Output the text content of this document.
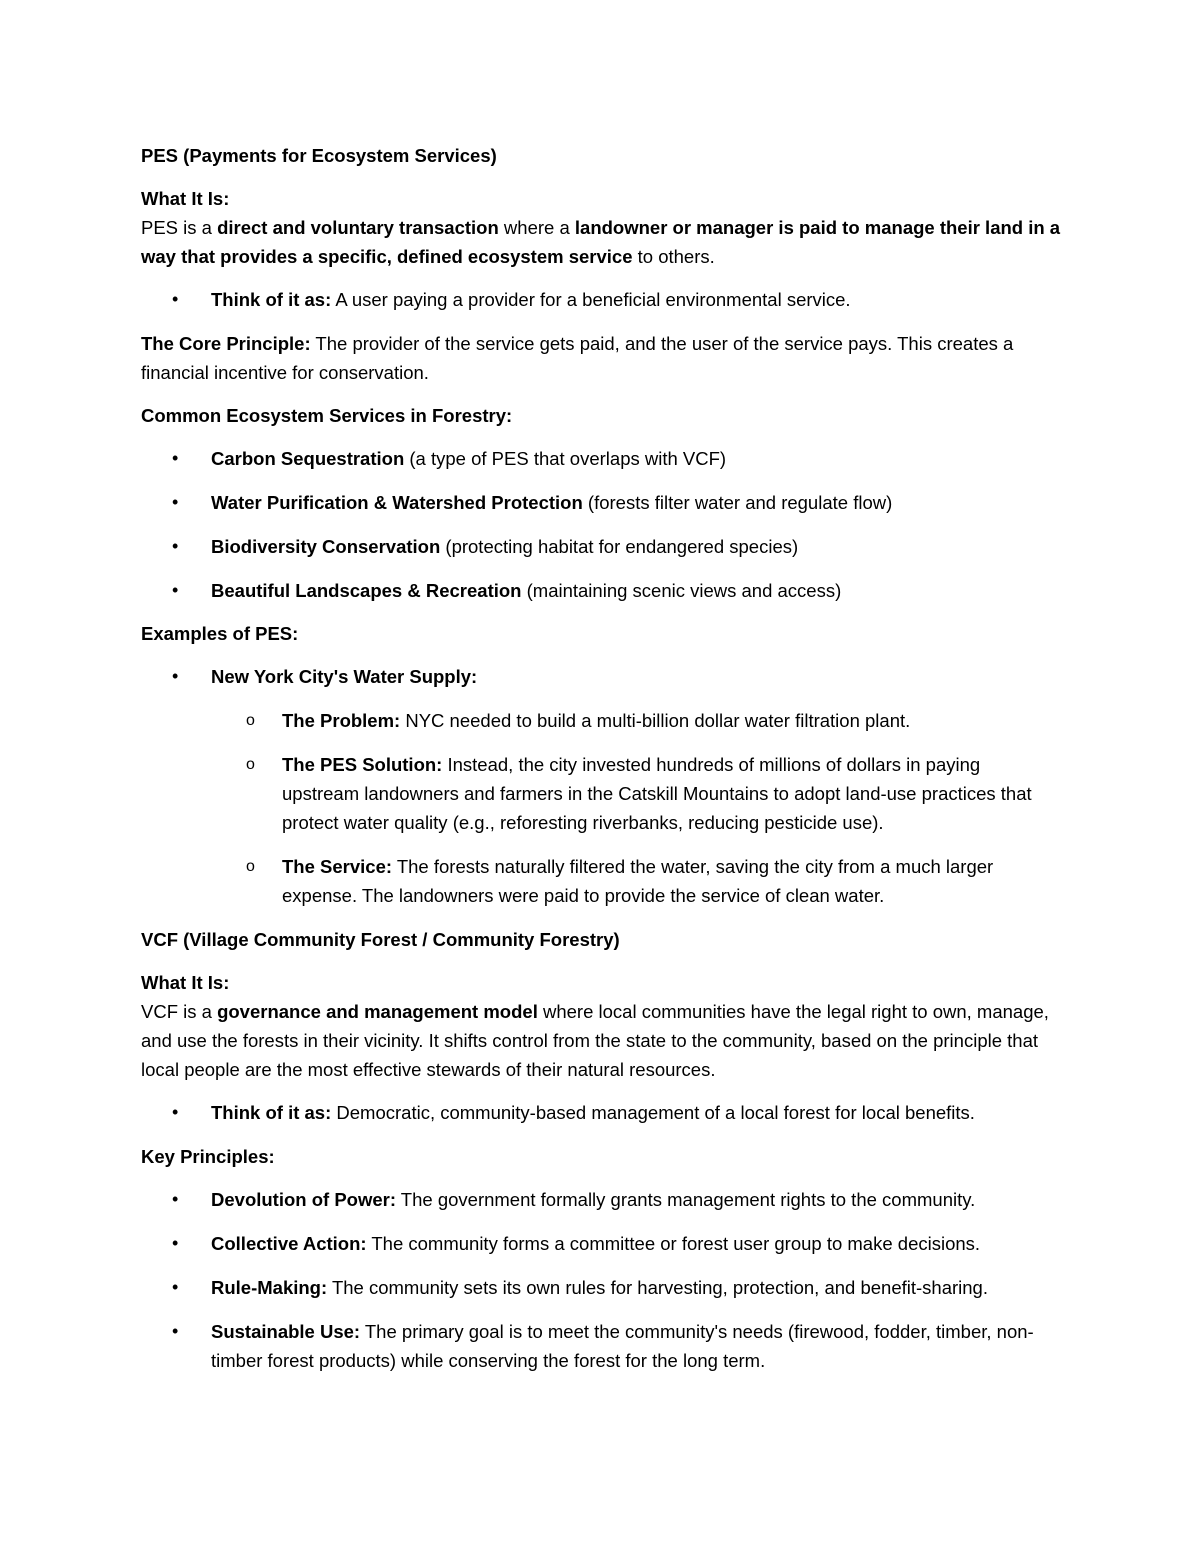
PES (Payments for Ecosystem Services)

What It Is:

PES is a direct and voluntary transaction where a landowner or manager is paid to manage their land in a way that provides a specific, defined ecosystem service to others.

• Think of it as: A user paying a provider for a beneficial environmental service.

The Core Principle: The provider of the service gets paid, and the user of the service pays. This creates a financial incentive for conservation.

Common Ecosystem Services in Forestry:

• Carbon Sequestration (a type of PES that overlaps with VCF)
• Water Purification & Watershed Protection (forests filter water and regulate flow)
• Biodiversity Conservation (protecting habitat for endangered species)
• Beautiful Landscapes & Recreation (maintaining scenic views and access)

Examples of PES:

• New York City's Water Supply:
o The Problem: NYC needed to build a multi-billion dollar water filtration plant.
o The PES Solution: Instead, the city invested hundreds of millions of dollars in paying upstream landowners and farmers in the Catskill Mountains to adopt land-use practices that protect water quality (e.g., reforesting riverbanks, reducing pesticide use).
o The Service: The forests naturally filtered the water, saving the city from a much larger expense. The landowners were paid to provide the service of clean water.

VCF (Village Community Forest / Community Forestry)

What It Is:

VCF is a governance and management model where local communities have the legal right to own, manage, and use the forests in their vicinity. It shifts control from the state to the community, based on the principle that local people are the most effective stewards of their natural resources.

• Think of it as: Democratic, community-based management of a local forest for local benefits.

Key Principles:

• Devolution of Power: The government formally grants management rights to the community.
• Collective Action: The community forms a committee or forest user group to make decisions.
• Rule-Making: The community sets its own rules for harvesting, protection, and benefit-sharing.
• Sustainable Use: The primary goal is to meet the community's needs (firewood, fodder, timber, non-timber forest products) while conserving the forest for the long term.
